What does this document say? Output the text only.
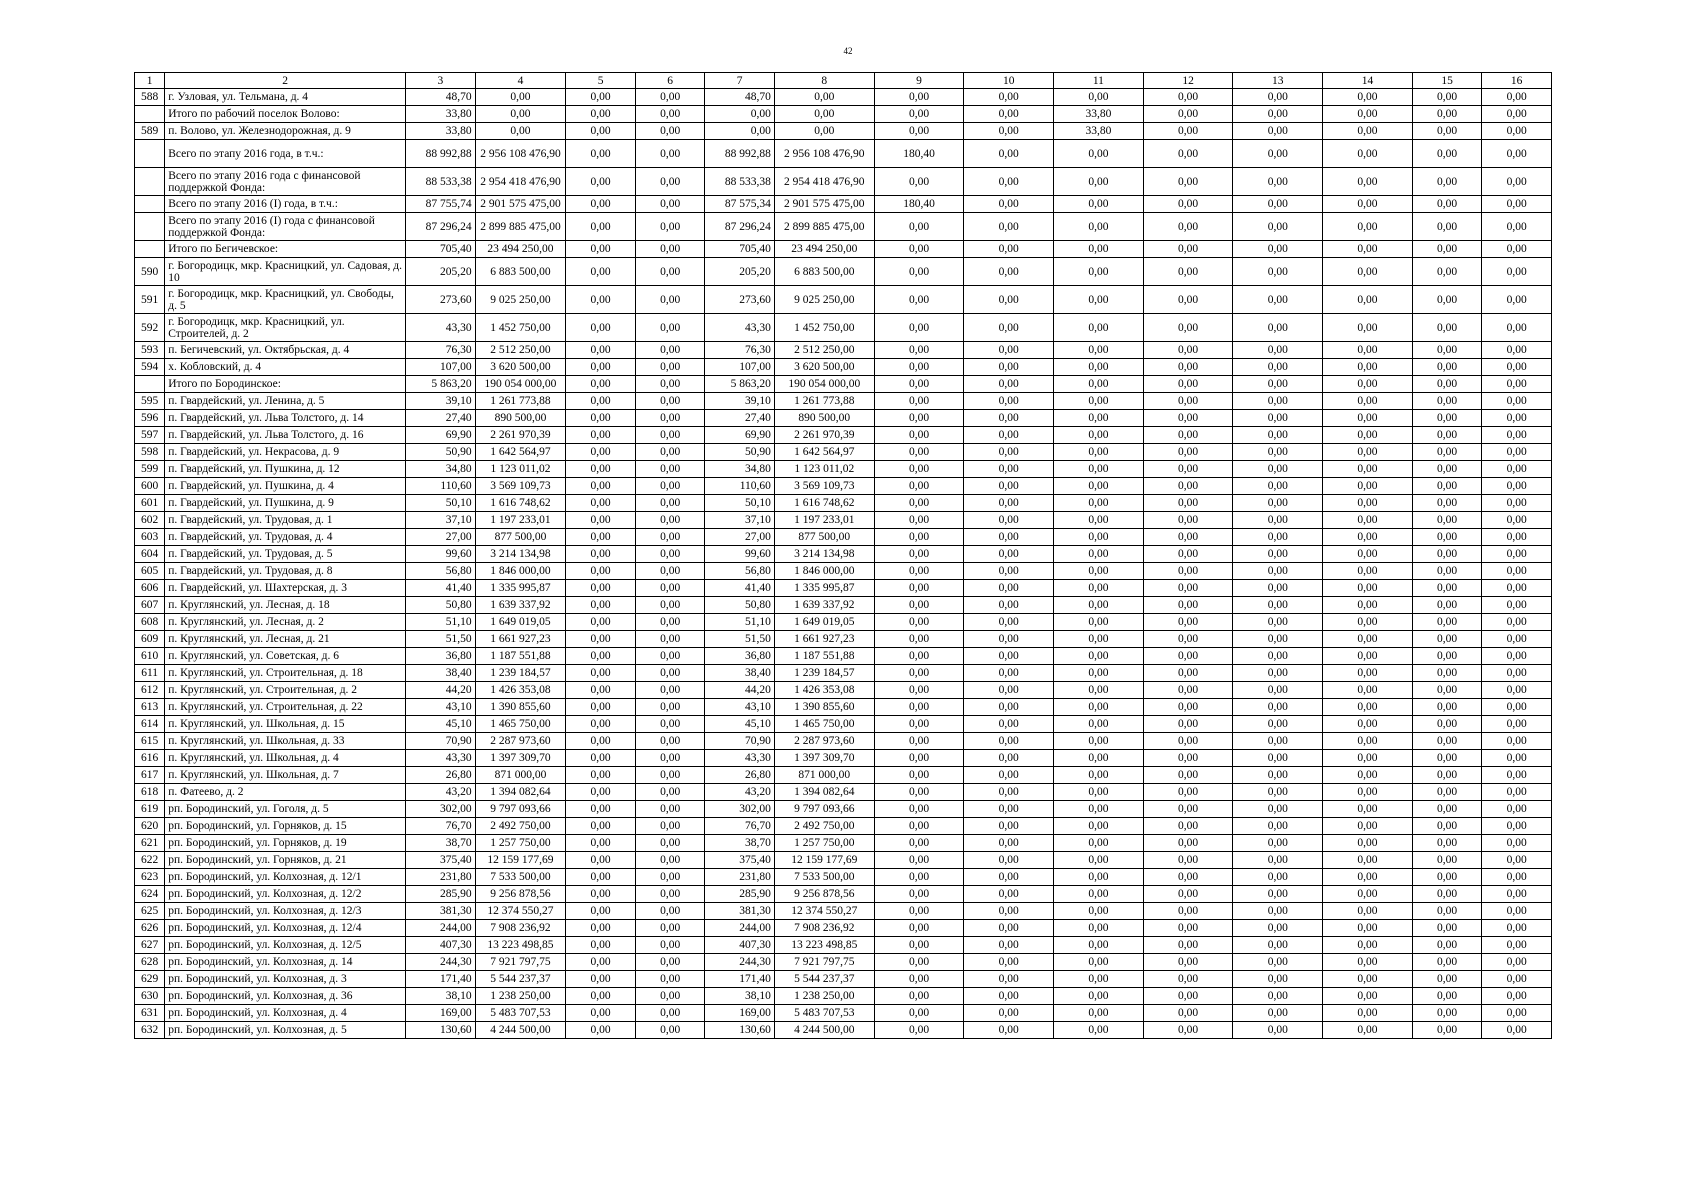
42
1	2	3	4	5	6	7	8	9	10	11	12	13	14	15	16
588	г. Узловая, ул. Тельмана, д. 4	48,70	0,00	0,00	0,00	48,70	0,00	0,00	0,00	0,00	0,00	0,00	0,00	0,00	0,00
	Итого по рабочий поселок Волово:	33,80	0,00	0,00	0,00	0,00	0,00	0,00	0,00	33,80	0,00	0,00	0,00	0,00	0,00
589	п. Волово, ул. Железнодорожная, д. 9	33,80	0,00	0,00	0,00	0,00	0,00	0,00	0,00	33,80	0,00	0,00	0,00	0,00	0,00
	Всего по этапу 2016 года, в т.ч.:	88 992,88	2 956 108 476,90	0,00	0,00	88 992,88	2 956 108 476,90	180,40	0,00	0,00	0,00	0,00	0,00	0,00	0,00
	Всего по этапу 2016 года с финансовой поддержкой Фонда:	88 533,38	2 954 418 476,90	0,00	0,00	88 533,38	2 954 418 476,90	0,00	0,00	0,00	0,00	0,00	0,00	0,00	0,00
	Всего по этапу 2016 (I) года, в т.ч.:	87 755,74	2 901 575 475,00	0,00	0,00	87 575,34	2 901 575 475,00	180,40	0,00	0,00	0,00	0,00	0,00	0,00	0,00
	Всего по этапу 2016 (I) года с финансовой поддержкой Фонда:	87 296,24	2 899 885 475,00	0,00	0,00	87 296,24	2 899 885 475,00	0,00	0,00	0,00	0,00	0,00	0,00	0,00	0,00
	Итого по Бегичевское:	705,40	23 494 250,00	0,00	0,00	705,40	23 494 250,00	0,00	0,00	0,00	0,00	0,00	0,00	0,00	0,00
590	г. Богородицк, мкр. Красницкий, ул. Садовая, д. 10	205,20	6 883 500,00	0,00	0,00	205,20	6 883 500,00	0,00	0,00	0,00	0,00	0,00	0,00	0,00	0,00
591	г. Богородицк, мкр. Красницкий, ул. Свободы, д. 5	273,60	9 025 250,00	0,00	0,00	273,60	9 025 250,00	0,00	0,00	0,00	0,00	0,00	0,00	0,00	0,00
592	г. Богородицк, мкр. Красницкий, ул. Строителей, д. 2	43,30	1 452 750,00	0,00	0,00	43,30	1 452 750,00	0,00	0,00	0,00	0,00	0,00	0,00	0,00	0,00
593	п. Бегичевский, ул. Октябрьская, д. 4	76,30	2 512 250,00	0,00	0,00	76,30	2 512 250,00	0,00	0,00	0,00	0,00	0,00	0,00	0,00	0,00
594	х. Кобловский, д. 4	107,00	3 620 500,00	0,00	0,00	107,00	3 620 500,00	0,00	0,00	0,00	0,00	0,00	0,00	0,00	0,00
	Итого по Бородинское:	5 863,20	190 054 000,00	0,00	0,00	5 863,20	190 054 000,00	0,00	0,00	0,00	0,00	0,00	0,00	0,00	0,00
595	п. Гвардейский, ул. Ленина, д. 5	39,10	1 261 773,88	0,00	0,00	39,10	1 261 773,88	0,00	0,00	0,00	0,00	0,00	0,00	0,00	0,00
596	п. Гвардейский, ул. Льва Толстого, д. 14	27,40	890 500,00	0,00	0,00	27,40	890 500,00	0,00	0,00	0,00	0,00	0,00	0,00	0,00	0,00
597	п. Гвардейский, ул. Льва Толстого, д. 16	69,90	2 261 970,39	0,00	0,00	69,90	2 261 970,39	0,00	0,00	0,00	0,00	0,00	0,00	0,00	0,00
598	п. Гвардейский, ул. Некрасова, д. 9	50,90	1 642 564,97	0,00	0,00	50,90	1 642 564,97	0,00	0,00	0,00	0,00	0,00	0,00	0,00	0,00
599	п. Гвардейский, ул. Пушкина, д. 12	34,80	1 123 011,02	0,00	0,00	34,80	1 123 011,02	0,00	0,00	0,00	0,00	0,00	0,00	0,00	0,00
600	п. Гвардейский, ул. Пушкина, д. 4	110,60	3 569 109,73	0,00	0,00	110,60	3 569 109,73	0,00	0,00	0,00	0,00	0,00	0,00	0,00	0,00
601	п. Гвардейский, ул. Пушкина, д. 9	50,10	1 616 748,62	0,00	0,00	50,10	1 616 748,62	0,00	0,00	0,00	0,00	0,00	0,00	0,00	0,00
602	п. Гвардейский, ул. Трудовая, д. 1	37,10	1 197 233,01	0,00	0,00	37,10	1 197 233,01	0,00	0,00	0,00	0,00	0,00	0,00	0,00	0,00
603	п. Гвардейский, ул. Трудовая, д. 4	27,00	877 500,00	0,00	0,00	27,00	877 500,00	0,00	0,00	0,00	0,00	0,00	0,00	0,00	0,00
604	п. Гвардейский, ул. Трудовая, д. 5	99,60	3 214 134,98	0,00	0,00	99,60	3 214 134,98	0,00	0,00	0,00	0,00	0,00	0,00	0,00	0,00
605	п. Гвардейский, ул. Трудовая, д. 8	56,80	1 846 000,00	0,00	0,00	56,80	1 846 000,00	0,00	0,00	0,00	0,00	0,00	0,00	0,00	0,00
606	п. Гвардейский, ул. Шахтерская, д. 3	41,40	1 335 995,87	0,00	0,00	41,40	1 335 995,87	0,00	0,00	0,00	0,00	0,00	0,00	0,00	0,00
607	п. Круглянский, ул. Лесная, д. 18	50,80	1 639 337,92	0,00	0,00	50,80	1 639 337,92	0,00	0,00	0,00	0,00	0,00	0,00	0,00	0,00
608	п. Круглянский, ул. Лесная, д. 2	51,10	1 649 019,05	0,00	0,00	51,10	1 649 019,05	0,00	0,00	0,00	0,00	0,00	0,00	0,00	0,00
609	п. Круглянский, ул. Лесная, д. 21	51,50	1 661 927,23	0,00	0,00	51,50	1 661 927,23	0,00	0,00	0,00	0,00	0,00	0,00	0,00	0,00
610	п. Круглянский, ул. Советская, д. 6	36,80	1 187 551,88	0,00	0,00	36,80	1 187 551,88	0,00	0,00	0,00	0,00	0,00	0,00	0,00	0,00
611	п. Круглянский, ул. Строительная, д. 18	38,40	1 239 184,57	0,00	0,00	38,40	1 239 184,57	0,00	0,00	0,00	0,00	0,00	0,00	0,00	0,00
612	п. Круглянский, ул. Строительная, д. 2	44,20	1 426 353,08	0,00	0,00	44,20	1 426 353,08	0,00	0,00	0,00	0,00	0,00	0,00	0,00	0,00
613	п. Круглянский, ул. Строительная, д. 22	43,10	1 390 855,60	0,00	0,00	43,10	1 390 855,60	0,00	0,00	0,00	0,00	0,00	0,00	0,00	0,00
614	п. Круглянский, ул. Школьная, д. 15	45,10	1 465 750,00	0,00	0,00	45,10	1 465 750,00	0,00	0,00	0,00	0,00	0,00	0,00	0,00	0,00
615	п. Круглянский, ул. Школьная, д. 33	70,90	2 287 973,60	0,00	0,00	70,90	2 287 973,60	0,00	0,00	0,00	0,00	0,00	0,00	0,00	0,00
616	п. Круглянский, ул. Школьная, д. 4	43,30	1 397 309,70	0,00	0,00	43,30	1 397 309,70	0,00	0,00	0,00	0,00	0,00	0,00	0,00	0,00
617	п. Круглянский, ул. Школьная, д. 7	26,80	871 000,00	0,00	0,00	26,80	871 000,00	0,00	0,00	0,00	0,00	0,00	0,00	0,00	0,00
618	п. Фатеево, д. 2	43,20	1 394 082,64	0,00	0,00	43,20	1 394 082,64	0,00	0,00	0,00	0,00	0,00	0,00	0,00	0,00
619	рп. Бородинский, ул. Гоголя, д. 5	302,00	9 797 093,66	0,00	0,00	302,00	9 797 093,66	0,00	0,00	0,00	0,00	0,00	0,00	0,00	0,00
620	рп. Бородинский, ул. Горняков, д. 15	76,70	2 492 750,00	0,00	0,00	76,70	2 492 750,00	0,00	0,00	0,00	0,00	0,00	0,00	0,00	0,00
621	рп. Бородинский, ул. Горняков, д. 19	38,70	1 257 750,00	0,00	0,00	38,70	1 257 750,00	0,00	0,00	0,00	0,00	0,00	0,00	0,00	0,00
622	рп. Бородинский, ул. Горняков, д. 21	375,40	12 159 177,69	0,00	0,00	375,40	12 159 177,69	0,00	0,00	0,00	0,00	0,00	0,00	0,00	0,00
623	рп. Бородинский, ул. Колхозная, д. 12/1	231,80	7 533 500,00	0,00	0,00	231,80	7 533 500,00	0,00	0,00	0,00	0,00	0,00	0,00	0,00	0,00
624	рп. Бородинский, ул. Колхозная, д. 12/2	285,90	9 256 878,56	0,00	0,00	285,90	9 256 878,56	0,00	0,00	0,00	0,00	0,00	0,00	0,00	0,00
625	рп. Бородинский, ул. Колхозная, д. 12/3	381,30	12 374 550,27	0,00	0,00	381,30	12 374 550,27	0,00	0,00	0,00	0,00	0,00	0,00	0,00	0,00
626	рп. Бородинский, ул. Колхозная, д. 12/4	244,00	7 908 236,92	0,00	0,00	244,00	7 908 236,92	0,00	0,00	0,00	0,00	0,00	0,00	0,00	0,00
627	рп. Бородинский, ул. Колхозная, д. 12/5	407,30	13 223 498,85	0,00	0,00	407,30	13 223 498,85	0,00	0,00	0,00	0,00	0,00	0,00	0,00	0,00
628	рп. Бородинский, ул. Колхозная, д. 14	244,30	7 921 797,75	0,00	0,00	244,30	7 921 797,75	0,00	0,00	0,00	0,00	0,00	0,00	0,00	0,00
629	рп. Бородинский, ул. Колхозная, д. 3	171,40	5 544 237,37	0,00	0,00	171,40	5 544 237,37	0,00	0,00	0,00	0,00	0,00	0,00	0,00	0,00
630	рп. Бородинский, ул. Колхозная, д. 36	38,10	1 238 250,00	0,00	0,00	38,10	1 238 250,00	0,00	0,00	0,00	0,00	0,00	0,00	0,00	0,00
631	рп. Бородинский, ул. Колхозная, д. 4	169,00	5 483 707,53	0,00	0,00	169,00	5 483 707,53	0,00	0,00	0,00	0,00	0,00	0,00	0,00	0,00
632	рп. Бородинский, ул. Колхозная, д. 5	130,60	4 244 500,00	0,00	0,00	130,60	4 244 500,00	0,00	0,00	0,00	0,00	0,00	0,00	0,00	0,00
